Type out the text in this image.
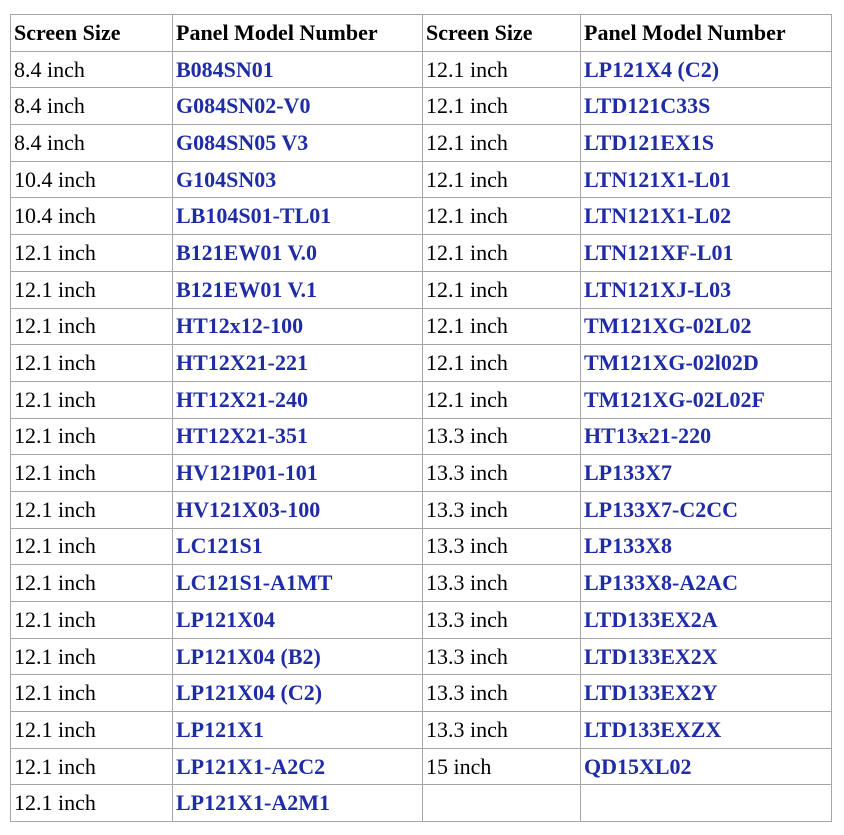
Screen Size	Panel Model Number	Screen Size	Panel Model Number
8.4 inch	B084SN01	12.1 inch	LP121X4 (C2)
8.4 inch	G084SN02-V0	12.1 inch	LTD121C33S
8.4 inch	G084SN05 V3	12.1 inch	LTD121EX1S
10.4 inch	G104SN03	12.1 inch	LTN121X1-L01
10.4 inch	LB104S01-TL01	12.1 inch	LTN121X1-L02
12.1 inch	B121EW01 V.0	12.1 inch	LTN121XF-L01
12.1 inch	B121EW01 V.1	12.1 inch	LTN121XJ-L03
12.1 inch	HT12x12-100	12.1 inch	TM121XG-02L02
12.1 inch	HT12X21-221	12.1 inch	TM121XG-02l02D
12.1 inch	HT12X21-240	12.1 inch	TM121XG-02L02F
12.1 inch	HT12X21-351	13.3 inch	HT13x21-220
12.1 inch	HV121P01-101	13.3 inch	LP133X7
12.1 inch	HV121X03-100	13.3 inch	LP133X7-C2CC
12.1 inch	LC121S1	13.3 inch	LP133X8
12.1 inch	LC121S1-A1MT	13.3 inch	LP133X8-A2AC
12.1 inch	LP121X04	13.3 inch	LTD133EX2A
12.1 inch	LP121X04 (B2)	13.3 inch	LTD133EX2X
12.1 inch	LP121X04 (C2)	13.3 inch	LTD133EX2Y
12.1 inch	LP121X1	13.3 inch	LTD133EXZX
12.1 inch	LP121X1-A2C2	15 inch	QD15XL02
12.1 inch	LP121X1-A2M1		
